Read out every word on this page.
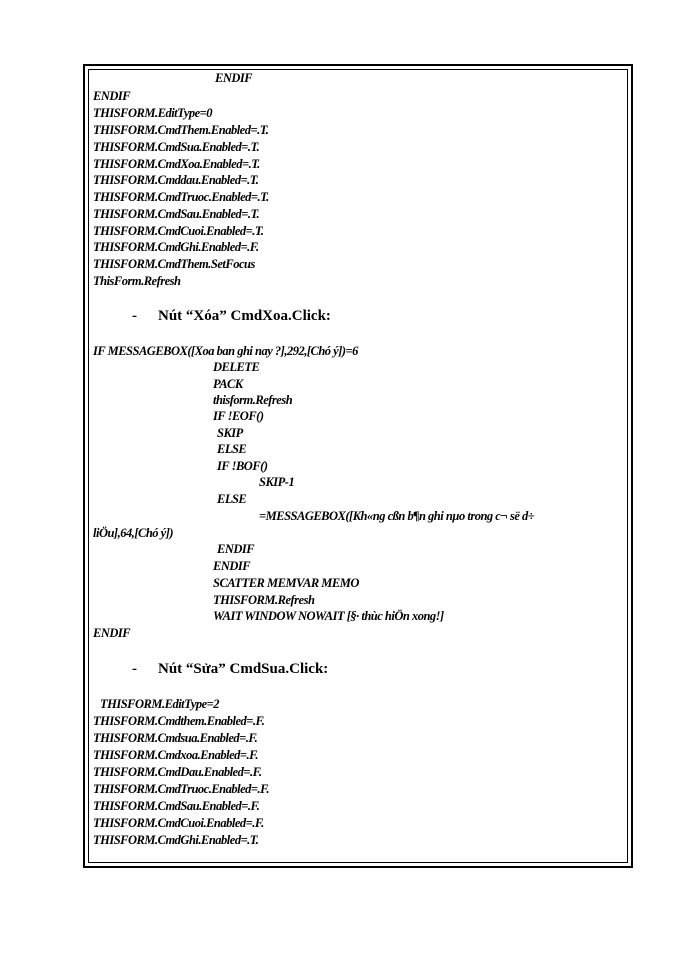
ENDIF
ENDIF
THISFORM.EditType=0
THISFORM.CmdThem.Enabled=.T.
THISFORM.CmdSua.Enabled=.T.
THISFORM.CmdXoa.Enabled=.T.
THISFORM.Cmddau.Enabled=.T.
THISFORM.CmdTruoc.Enabled=.T.
THISFORM.CmdSau.Enabled=.T.
THISFORM.CmdCuoi.Enabled=.T.
THISFORM.CmdGhi.Enabled=.F.
THISFORM.CmdThem.SetFocus
ThisForm.Refresh
- Nút “Xóa” CmdXoa.Click:
IF MESSAGEBOX([Xoa ban ghi nay ?],292,[Chó ý])=6
DELETE
PACK
thisform.Refresh
IF !EOF()
SKIP
ELSE
IF !BOF()
SKIP-1
ELSE
=MESSAGEBOX([Kh«ng cßn b¶n ghi nµo trong c¬ së d÷
liÖu],64,[Chó ý])
ENDIF
ENDIF
SCATTER MEMVAR MEMO
THISFORM.Refresh
WAIT WINDOW NOWAIT [§· thùc hiÖn xong!]
ENDIF
- Nút “Sửa” CmdSua.Click:
THISFORM.EditType=2
THISFORM.Cmdthem.Enabled=.F.
THISFORM.Cmdsua.Enabled=.F.
THISFORM.Cmdxoa.Enabled=.F.
THISFORM.CmdDau.Enabled=.F.
THISFORM.CmdTruoc.Enabled=.F.
THISFORM.CmdSau.Enabled=.F.
THISFORM.CmdCuoi.Enabled=.F.
THISFORM.CmdGhi.Enabled=.T.
